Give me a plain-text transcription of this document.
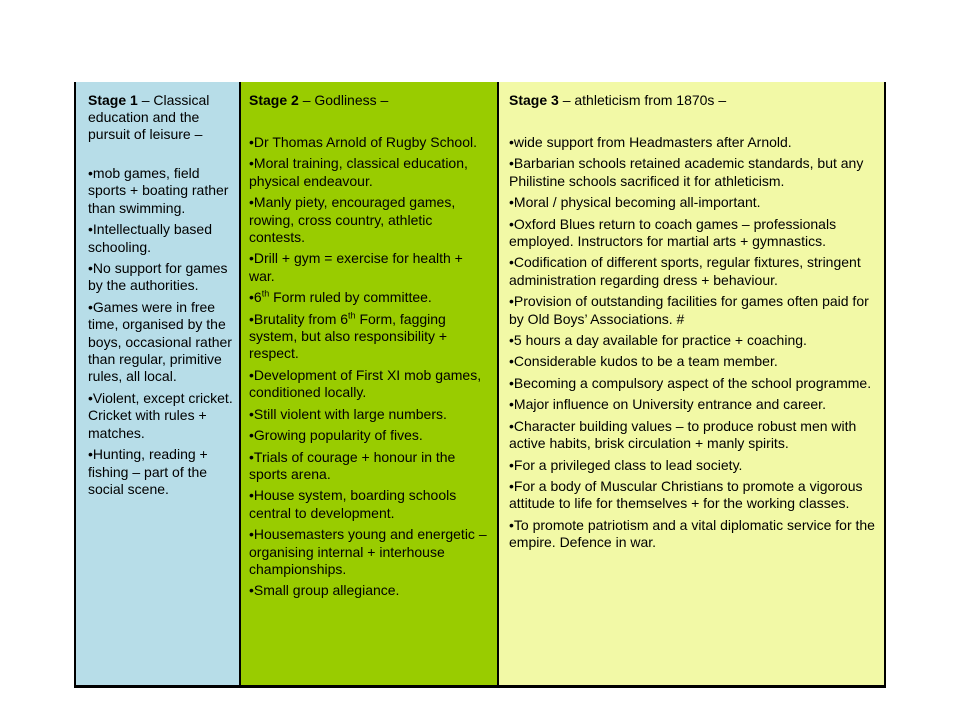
Stage 1 – Classical education and the pursuit of leisure –
• mob games, field sports + boating rather than swimming.
• Intellectually based schooling.
• No support for games by the authorities.
• Games were in free time, organised by the boys, occasional rather than regular, primitive rules, all local.
• Violent, except cricket. Cricket with rules + matches.
• Hunting, reading + fishing – part of the social scene.
Stage 2 – Godliness –
• Dr Thomas Arnold of Rugby School.
• Moral training, classical education, physical endeavour.
• Manly piety, encouraged games, rowing, cross country, athletic contests.
• Drill + gym = exercise for health + war.
• 6th Form ruled by committee.
• Brutality from 6th Form, fagging system, but also responsibility + respect.
• Development of First XI mob games, conditioned locally.
• Still violent with large numbers.
• Growing popularity of fives.
• Trials of courage + honour in the sports arena.
• House system, boarding schools central to development.
• Housemasters young and energetic – organising internal + interhouse championships.
• Small group allegiance.
Stage 3 – athleticism from 1870s –
• wide support from Headmasters after Arnold.
• Barbarian schools retained academic standards, but any Philistine schools sacrificed it for athleticism.
• Moral / physical becoming all-important.
• Oxford Blues return to coach games – professionals employed. Instructors for martial arts + gymnastics.
• Codification of different sports, regular fixtures, stringent administration regarding dress + behaviour.
• Provision of outstanding facilities for games often paid for by Old Boys’ Associations. #
• 5 hours a day available for practice + coaching.
• Considerable kudos to be a team member.
• Becoming a compulsory aspect of the school programme.
• Major influence on University entrance and career.
• Character building values – to produce robust men with active habits, brisk circulation + manly spirits.
• For a privileged class to lead society.
• For a body of Muscular Christians to promote a vigorous attitude to life for themselves + for the working classes.
• To promote patriotism and a vital diplomatic service for the empire. Defence in war.
